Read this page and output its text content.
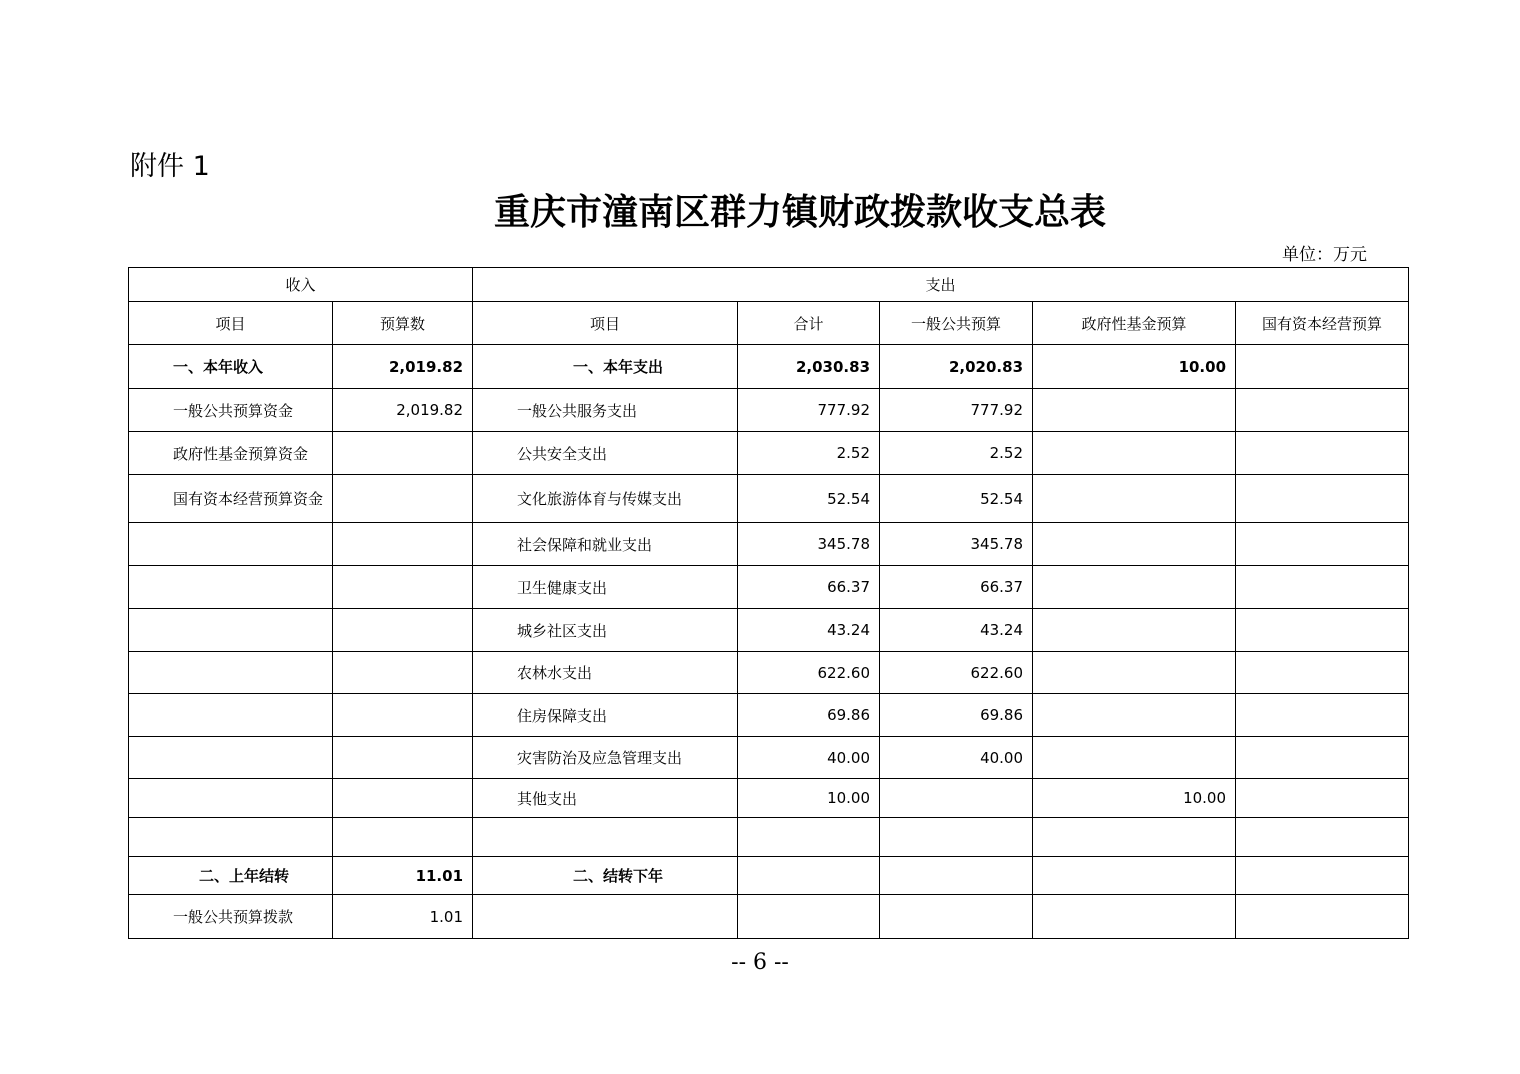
附件 1
重庆市潼南区群力镇财政拨款收支总表
单位：万元
收入		支出				
项目	预算数	项目	合计	一般公共预算	政府性基金预算	国有资本经营预算
一、本年收入	2,019.82	一、本年支出	2,030.83	2,020.83	10.00	
一般公共预算资金	2,019.82	一般公共服务支出	777.92	777.92		
政府性基金预算资金		公共安全支出	2.52	2.52		
国有资本经营预算资金		文化旅游体育与传媒支出	52.54	52.54		
		社会保障和就业支出	345.78	345.78		
		卫生健康支出	66.37	66.37		
		城乡社区支出	43.24	43.24		
		农林水支出	622.60	622.60		
		住房保障支出	69.86	69.86		
		灾害防治及应急管理支出	40.00	40.00		
		其他支出	10.00		10.00	

二、上年结转	11.01	二、结转下年				
一般公共预算拨款	1.01					
-- 6 --
